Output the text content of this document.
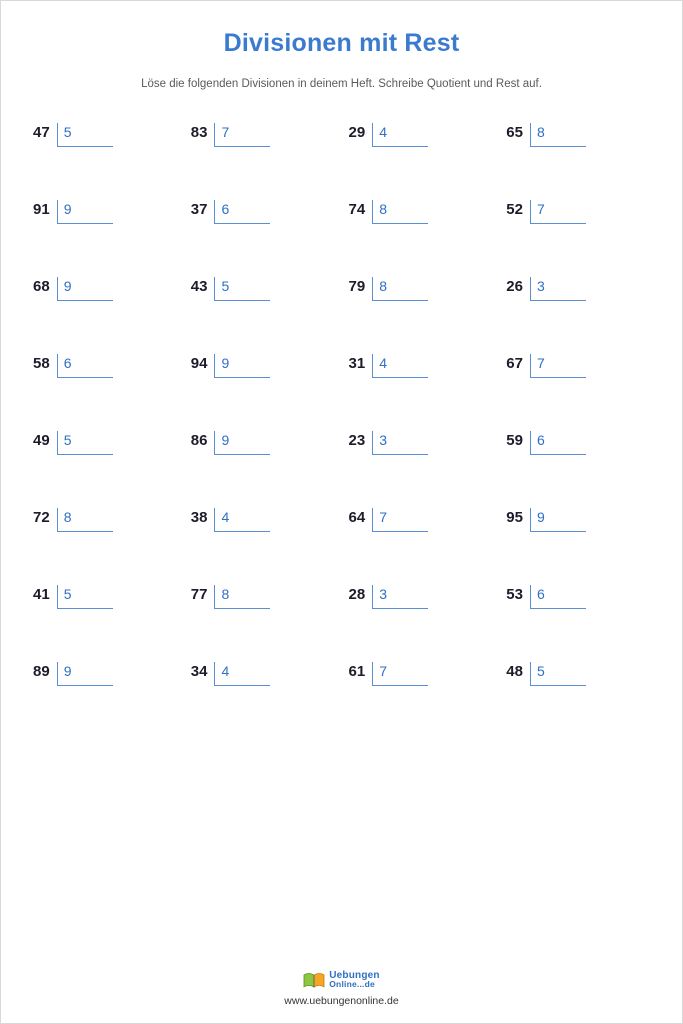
Divisionen mit Rest
Löse die folgenden Divisionen in deinem Heft. Schreibe Quotient und Rest auf.
47	5	83	7	29	4	65	8
91	9	37	6	74	8	52	7
68	9	43	5	79	8	26	3
58	6	94	9	31	4	67	7
49	5	86	9	23	3	59	6
72	8	38	4	64	7	95	9
41	5	77	8	28	3	53	6
89	9	34	4	61	7	48	5
Uebungen
Online...de
www.uebungenonline.de
